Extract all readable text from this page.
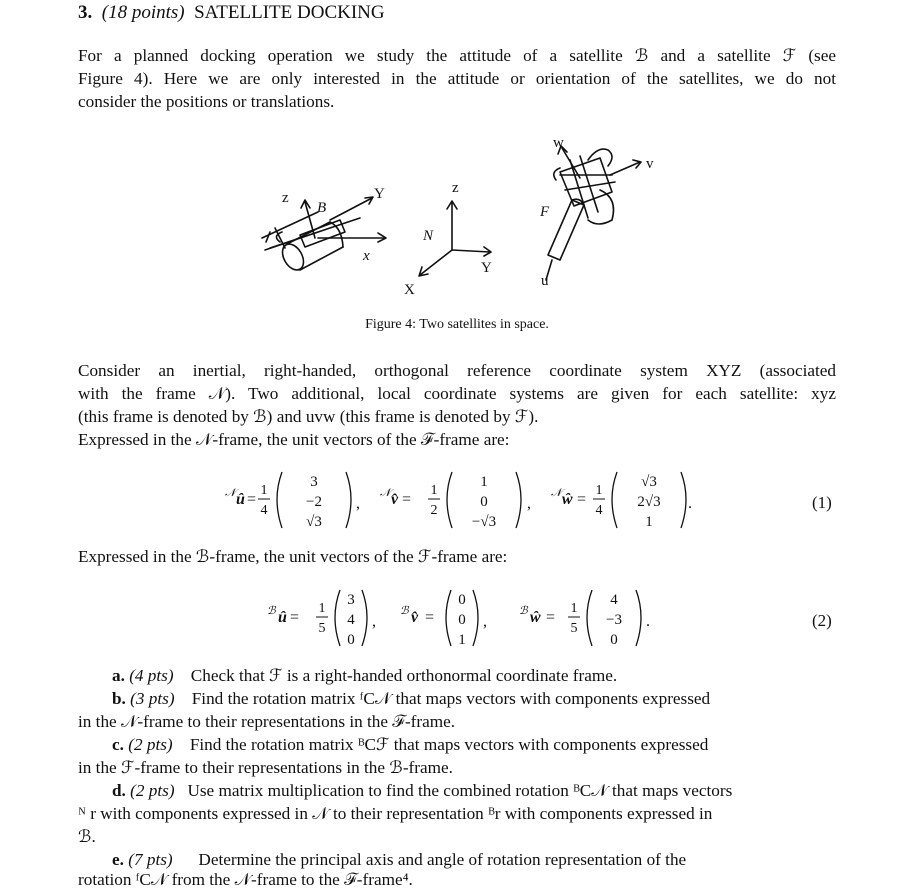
3. (18 points) SATELLITE DOCKING
For a planned docking operation we study the attitude of a satellite ℬ and a satellite ℱ (see
Figure 4). Here we are only interested in the attitude or orientation of the satellites, we do not
consider the positions or translations.
z
B
Y
x
z
N
Y
X
w
v
F
u
Figure 4: Two satellites in space.
Consider an inertial, right-handed, orthogonal reference coordinate system XYZ (associated
with the frame 𝒩). Two additional, local coordinate systems are given for each satellite: xyz
(this frame is denoted by ℬ) and uvw (this frame is denoted by ℱ).
Expressed in the 𝒩-frame, the unit vectors of the ℱ-frame are:
𝒩 û =
1
4
3
−2
√3
,
𝒩 v̂ =
1
2
1
0
−√3
,
𝒩 ŵ =
1
4
√3
2√3
1
.	(1)
Expressed in the ℬ-frame, the unit vectors of the ℱ-frame are:
ℬ û =
1
5
3
4
0
,
ℬ v̂ =
0
0
1
,
ℬ ŵ =
1
5
4
−3
0
.	(2)
a. (4 pts) Check that ℱ is a right-handed orthonormal coordinate frame.
b. (3 pts) Find the rotation matrix ᶠC𝒩 that maps vectors with components expressed
in the 𝒩-frame to their representations in the ℱ-frame.
c. (2 pts) Find the rotation matrix ᴮCℱ that maps vectors with components expressed
in the ℱ-frame to their representations in the ℬ-frame.
d. (2 pts) Use matrix multiplication to find the combined rotation ᴮC𝒩 that maps vectors
ᴺ r with components expressed in 𝒩 to their representation ᴮr with components expressed in
ℬ.
e. (7 pts) Determine the principal axis and angle of rotation representation of the
rotation ᶠC𝒩 from the 𝒩-frame to the ℱ-frame⁴.
